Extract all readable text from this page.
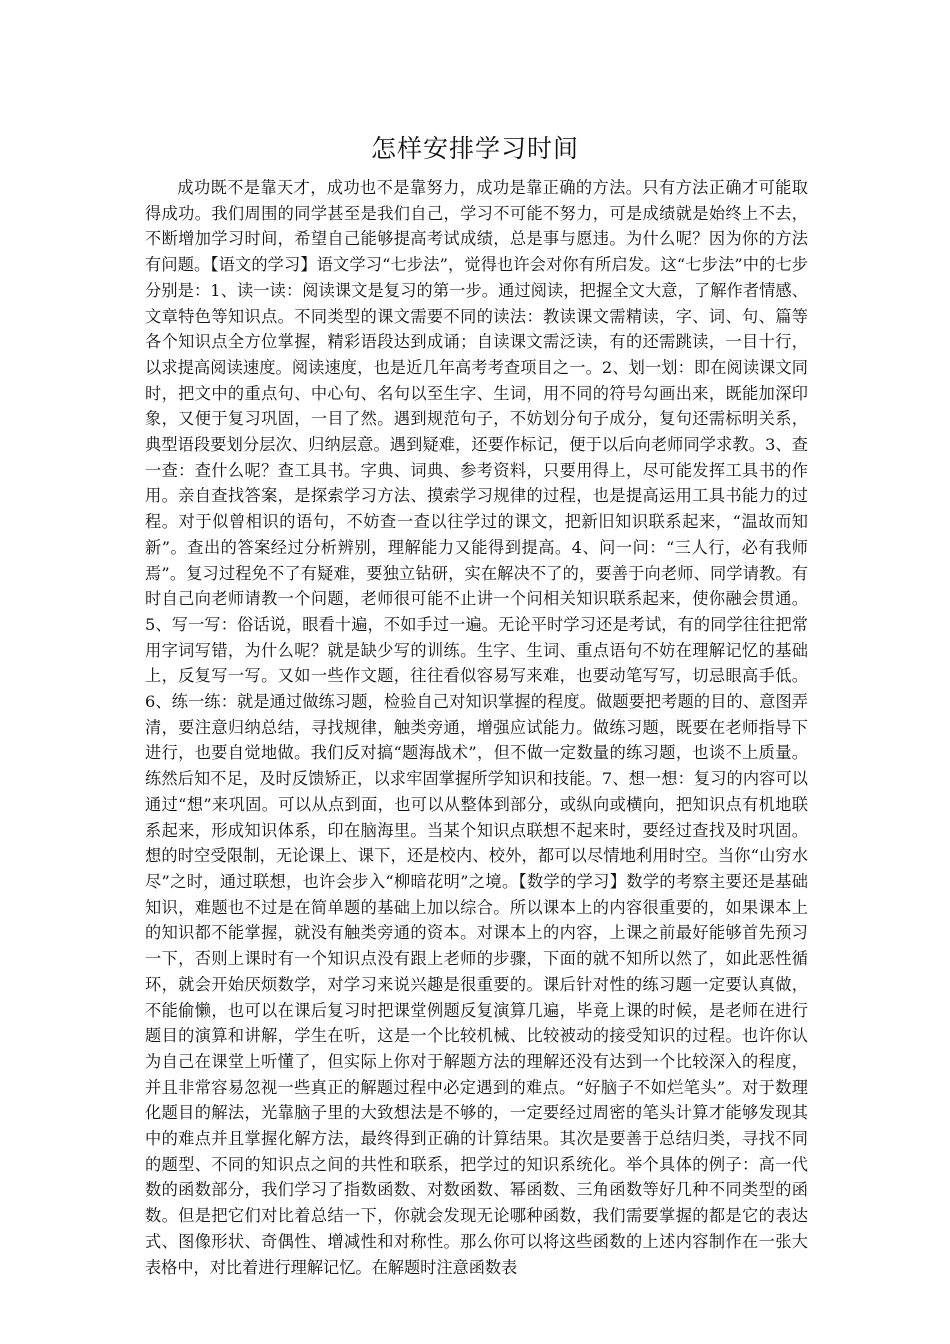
怎样安排学习时间

成功既不是靠天才，成功也不是靠努力，成功是靠正确的方法。只有方法正确才可能取得成功。我们周围的同学甚至是我们自己，学习不可能不努力，可是成绩就是始终上不去，不断增加学习时间，希望自己能够提高考试成绩，总是事与愿违。为什么呢？因为你的方法有问题。【语文的学习】语文学习“七步法”，觉得也许会对你有所启发。这“七步法”中的七步分别是：1、读一读：阅读课文是复习的第一步。通过阅读，把握全文大意，了解作者情感、文章特色等知识点。不同类型的课文需要不同的读法：教读课文需精读，字、词、句、篇等各个知识点全方位掌握，精彩语段达到成诵；自读课文需泛读，有的还需跳读，一目十行，以求提高阅读速度。阅读速度，也是近几年高考考查项目之一。2、划一划：即在阅读课文同时，把文中的重点句、中心句、名句以至生字、生词，用不同的符号勾画出来，既能加深印象，又便于复习巩固，一目了然。遇到规范句子，不妨划分句子成分，复句还需标明关系，典型语段要划分层次、归纳层意。遇到疑难，还要作标记，便于以后向老师同学求教。3、查一查：查什么呢？查工具书。字典、词典、参考资料，只要用得上，尽可能发挥工具书的作用。亲自查找答案，是探索学习方法、摸索学习规律的过程，也是提高运用工具书能力的过程。对于似曾相识的语句，不妨查一查以往学过的课文，把新旧知识联系起来，“温故而知新”。查出的答案经过分析辨别，理解能力又能得到提高。4、问一问：“三人行，必有我师焉”。复习过程免不了有疑难，要独立钻研，实在解决不了的，要善于向老师、同学请教。有时自己向老师请教一个问题，老师很可能不止讲一个问相关知识联系起来，使你融会贯通。5、写一写：俗话说，眼看十遍，不如手过一遍。无论平时学习还是考试，有的同学往往把常用字词写错，为什么呢？就是缺少写的训练。生字、生词、重点语句不妨在理解记忆的基础上，反复写一写。又如一些作文题，往往看似容易写来难，也要动笔写写，切忌眼高手低。6、练一练：就是通过做练习题，检验自己对知识掌握的程度。做题要把考题的目的、意图弄清，要注意归纳总结，寻找规律，触类旁通，增强应试能力。做练习题，既要在老师指导下进行，也要自觉地做。我们反对搞“题海战术”，但不做一定数量的练习题，也谈不上质量。练然后知不足，及时反馈矫正，以求牢固掌握所学知识和技能。7、想一想：复习的内容可以通过“想”来巩固。可以从点到面，也可以从整体到部分，或纵向或横向，把知识点有机地联系起来，形成知识体系，印在脑海里。当某个知识点联想不起来时，要经过查找及时巩固。想的时空受限制，无论课上、课下，还是校内、校外，都可以尽情地利用时空。当你“山穷水尽”之时，通过联想，也许会步入“柳暗花明”之境。【数学的学习】数学的考察主要还是基础知识，难题也不过是在简单题的基础上加以综合。所以课本上的内容很重要的，如果课本上的知识都不能掌握，就没有触类旁通的资本。对课本上的内容，上课之前最好能够首先预习一下，否则上课时有一个知识点没有跟上老师的步骤，下面的就不知所以然了，如此恶性循环，就会开始厌烦数学，对学习来说兴趣是很重要的。课后针对性的练习题一定要认真做，不能偷懒，也可以在课后复习时把课堂例题反复演算几遍，毕竟上课的时候，是老师在进行题目的演算和讲解，学生在听，这是一个比较机械、比较被动的接受知识的过程。也许你认为自己在课堂上听懂了，但实际上你对于解题方法的理解还没有达到一个比较深入的程度，并且非常容易忽视一些真正的解题过程中必定遇到的难点。“好脑子不如烂笔头”。对于数理化题目的解法，光靠脑子里的大致想法是不够的，一定要经过周密的笔头计算才能够发现其中的难点并且掌握化解方法，最终得到正确的计算结果。其次是要善于总结归类，寻找不同的题型、不同的知识点之间的共性和联系，把学过的知识系统化。举个具体的例子：高一代数的函数部分，我们学习了指数函数、对数函数、幂函数、三角函数等好几种不同类型的函数。但是把它们对比着总结一下，你就会发现无论哪种函数，我们需要掌握的都是它的表达式、图像形状、奇偶性、增减性和对称性。那么你可以将这些函数的上述内容制作在一张大表格中，对比着进行理解记忆。在解题时注意函数表
